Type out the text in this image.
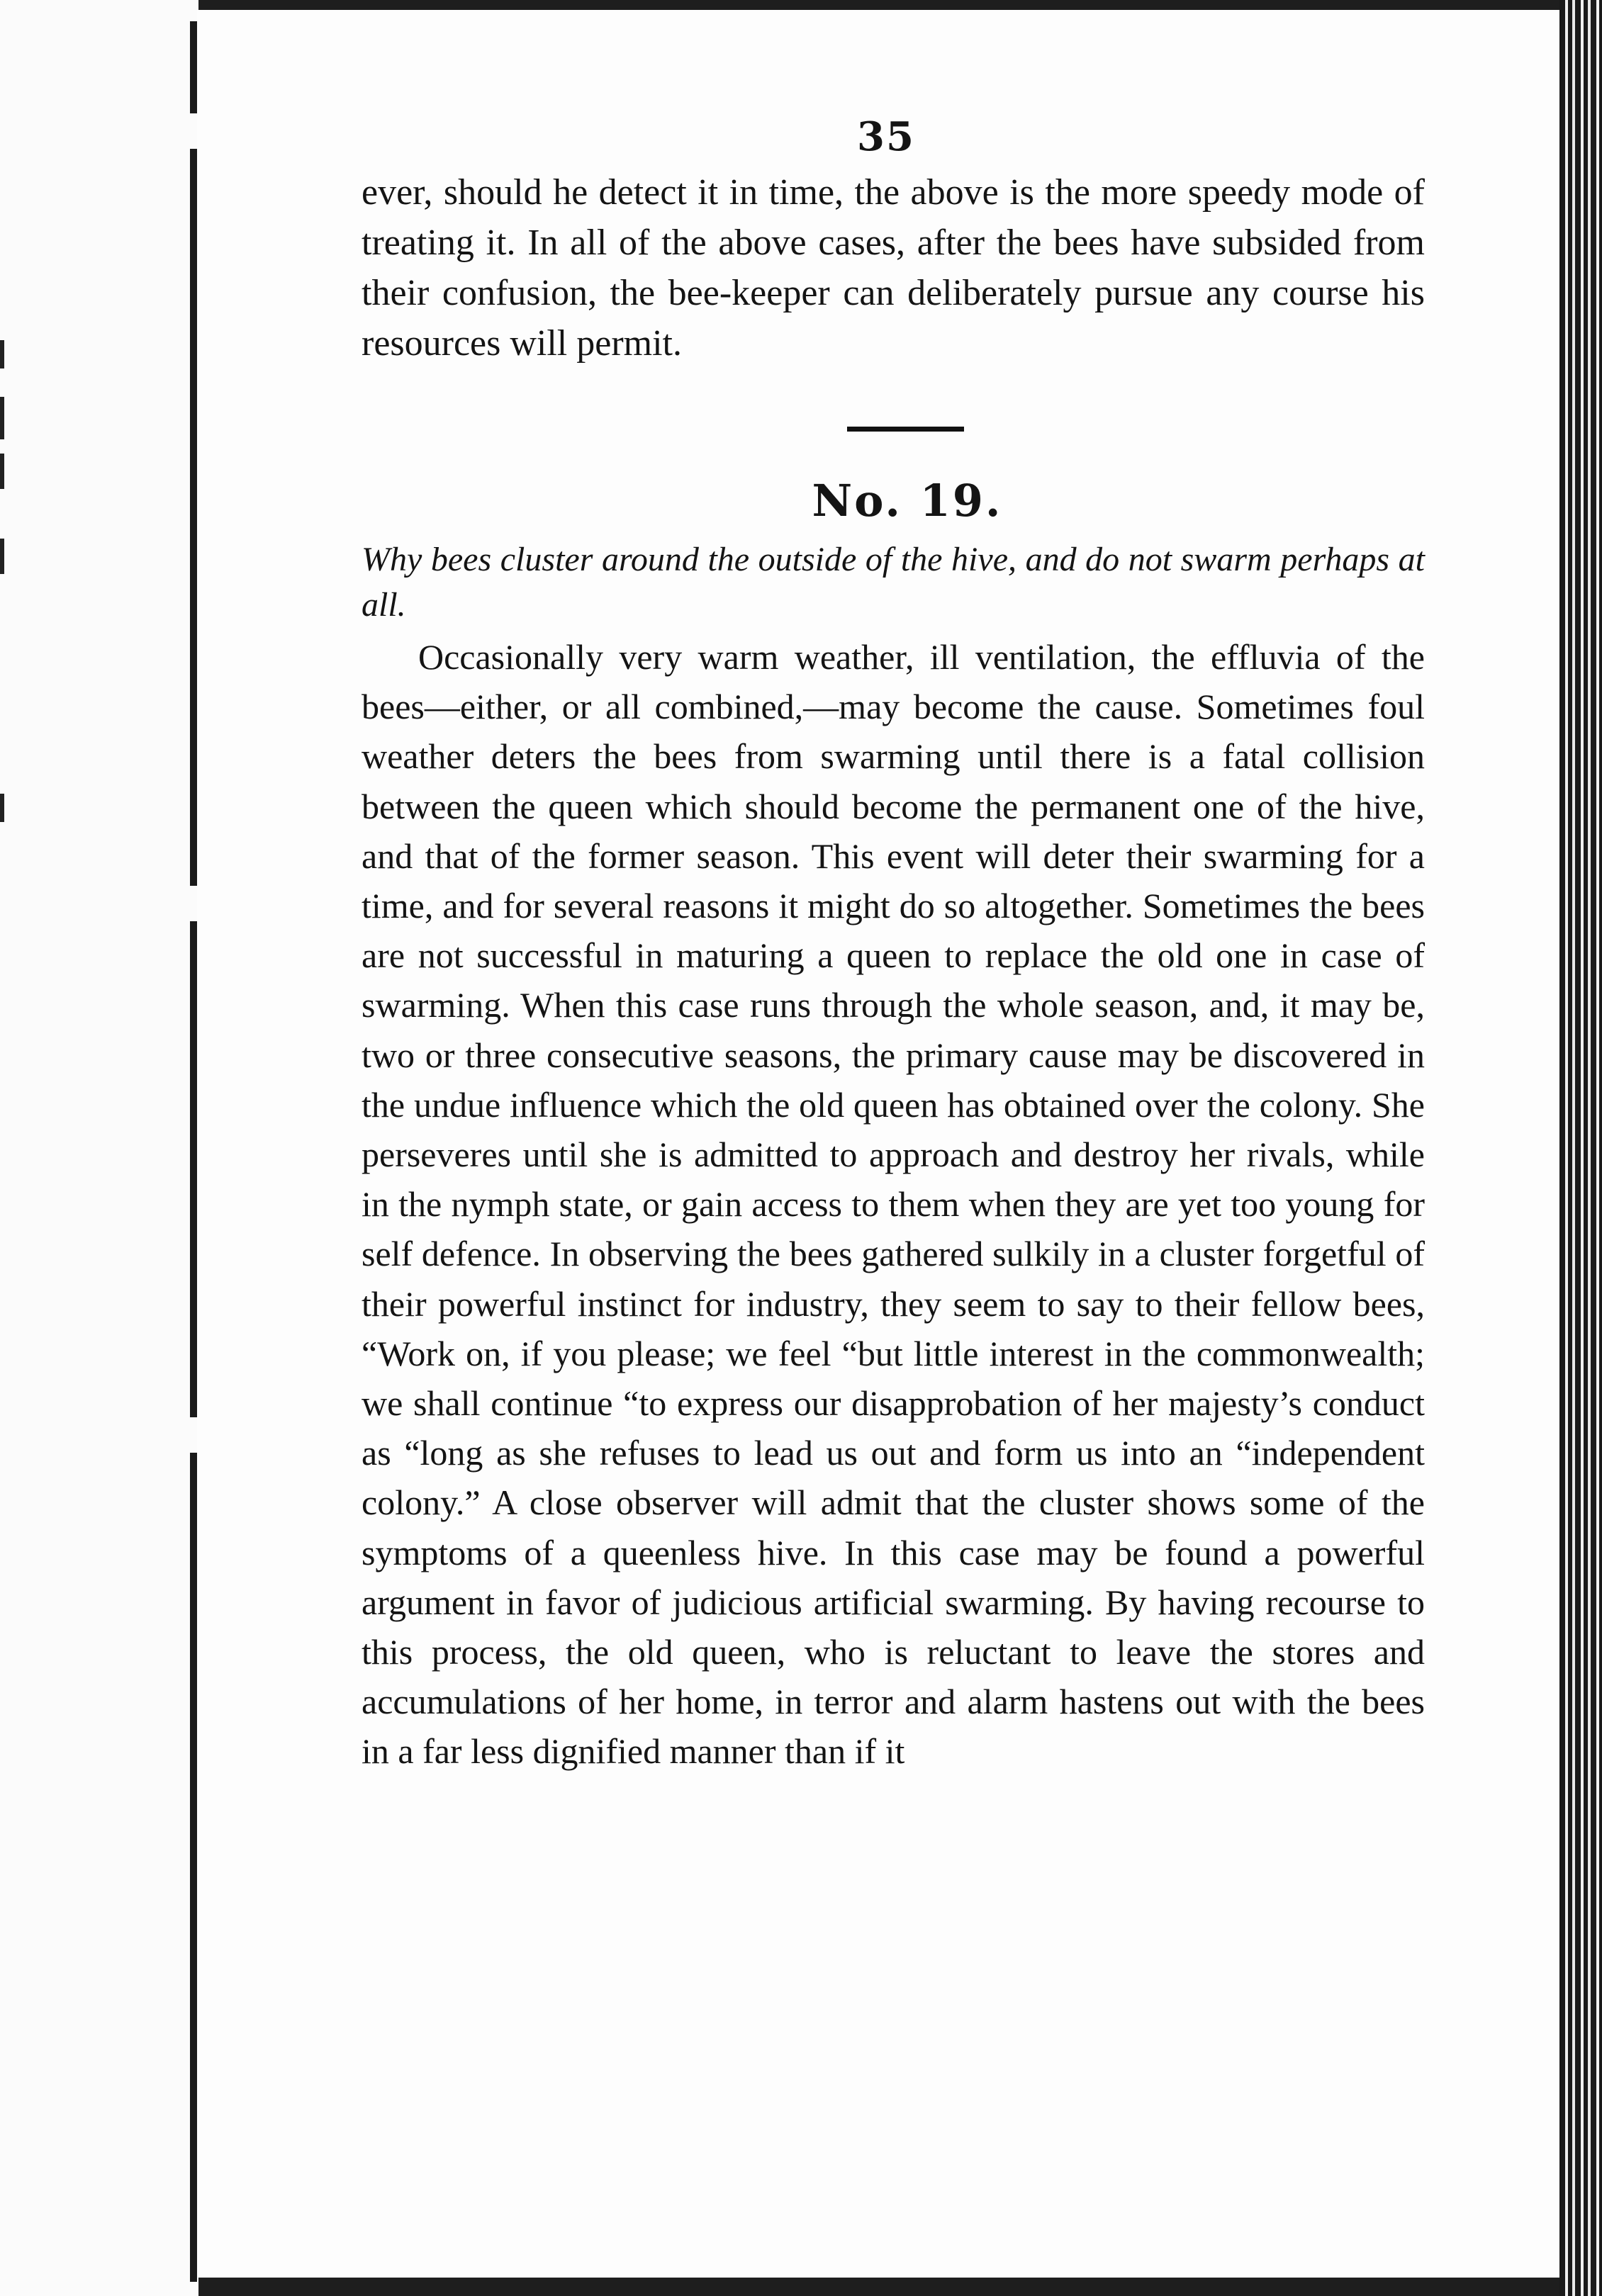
35

ever, should he detect it in time, the above is the more speedy mode of treating it. In all of the above cases, after the bees have subsided from their confusion, the bee-keeper can deliberately pursue any course his resources will permit.

No. 19.

Why bees cluster around the outside of the hive, and do not swarm perhaps at all.

Occasionally very warm weather, ill ventilation, the effluvia of the bees—either, or all combined,—may become the cause. Sometimes foul weather deters the bees from swarming until there is a fatal collision between the queen which should become the permanent one of the hive, and that of the former season. This event will deter their swarming for a time, and for several reasons it might do so altogether. Sometimes the bees are not successful in maturing a queen to replace the old one in case of swarming. When this case runs through the whole season, and, it may be, two or three consecutive seasons, the primary cause may be discovered in the undue influence which the old queen has obtained over the colony. She perseveres until she is admitted to approach and destroy her rivals, while in the nymph state, or gain access to them when they are yet too young for self defence. In observing the bees gathered sulkily in a cluster forgetful of their powerful instinct for industry, they seem to say to their fellow bees, “Work on, if you please; we feel “but little interest in the commonwealth; we shall continue “to express our disapprobation of her majesty’s conduct as “long as she refuses to lead us out and form us into an “independent colony.” A close observer will admit that the cluster shows some of the symptoms of a queenless hive. In this case may be found a powerful argument in favor of judicious artificial swarming. By having recourse to this process, the old queen, who is reluctant to leave the stores and accumulations of her home, in terror and alarm hastens out with the bees in a far less dignified manner than if it
